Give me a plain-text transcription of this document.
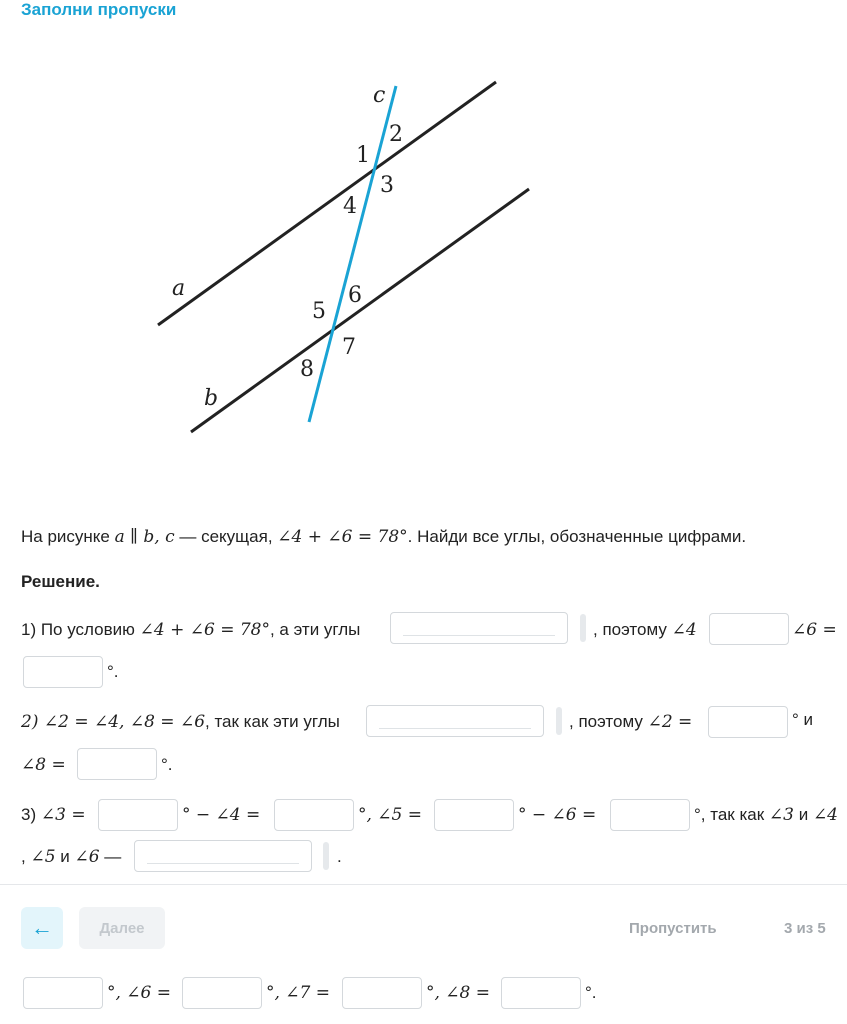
Заполни пропуски
c
a
b
1
2
3
4
5
6
7
8
На рисунке a ∥ b, c — секущая, ∠4 + ∠6 = 78°. Найди все углы, обозначенные цифрами.
Решение.
1) По условию ∠4 + ∠6 = 78°, а эти углы	, поэтому ∠4	∠6 =
°.
2) ∠2 = ∠4, ∠8 = ∠6, так как эти углы	, поэтому ∠2 =	° и
∠8 =	°.
3) ∠3 =	° − ∠4 =	°, ∠5 =	° − ∠6 =	°, так как ∠3 и ∠4
, ∠5 и ∠6 —	.
←	Далее	Пропустить	3 из 5
°, ∠6 =	°, ∠7 =	°, ∠8 =	°.
